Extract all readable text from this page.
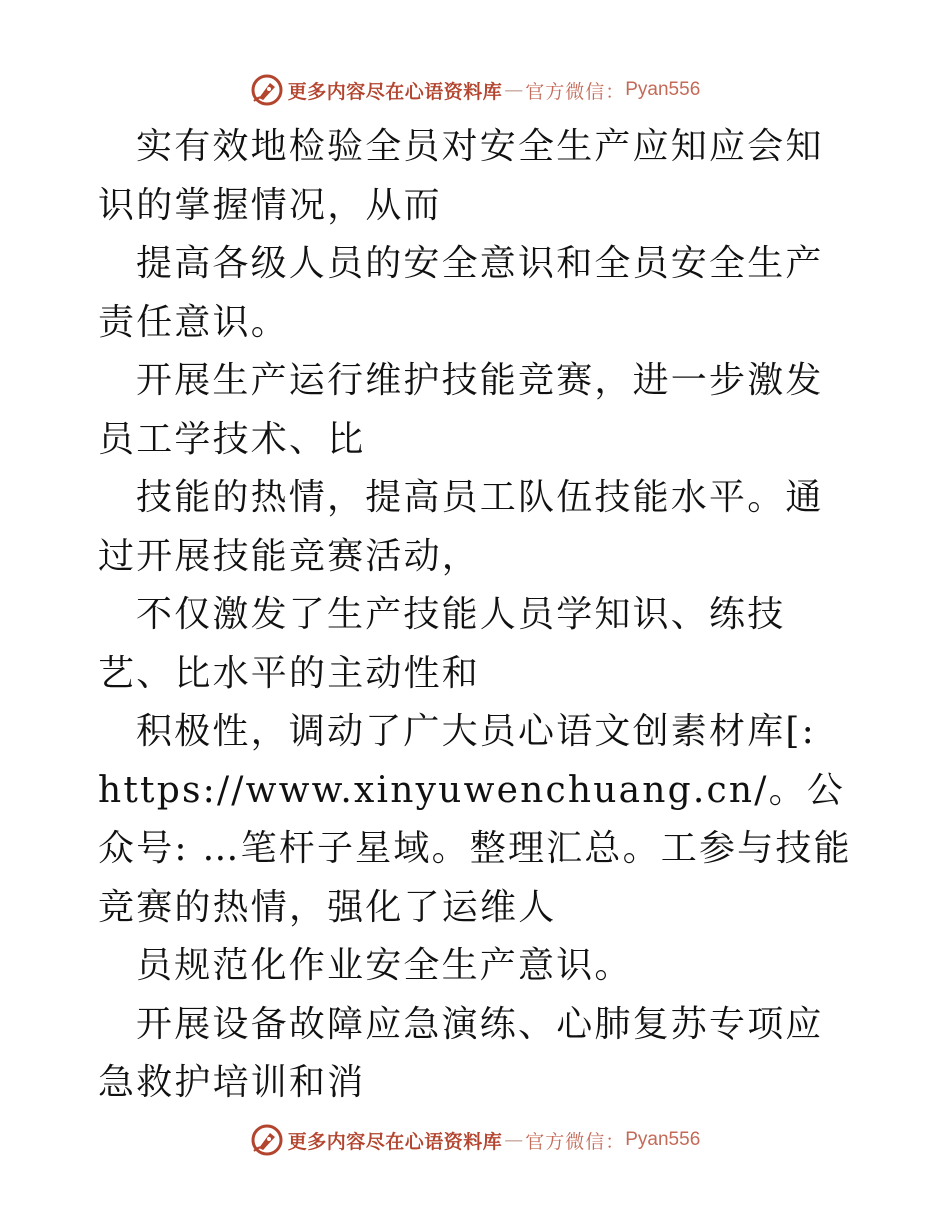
更多内容尽在心语资料库 — 官方微信： Pyan556

实有效地检验全员对安全生产应知应会知识的掌握情况，从而

提高各级人员的安全意识和全员安全生产责任意识。

开展生产运行维护技能竞赛，进一步激发员工学技术、比

技能的热情，提高员工队伍技能水平。通过开展技能竞赛活动，

不仅激发了生产技能人员学知识、练技艺、比水平的主动性和

积极性，调动了广大员心语文创素材库[: https://www.xinyuwenchuang.cn/。公众号: …笔杆子星域。整理汇总。工参与技能竞赛的热情，强化了运维人

员规范化作业安全生产意识。

开展设备故障应急演练、心肺复苏专项应急救护培训和消

更多内容尽在心语资料库 — 官方微信： Pyan556
